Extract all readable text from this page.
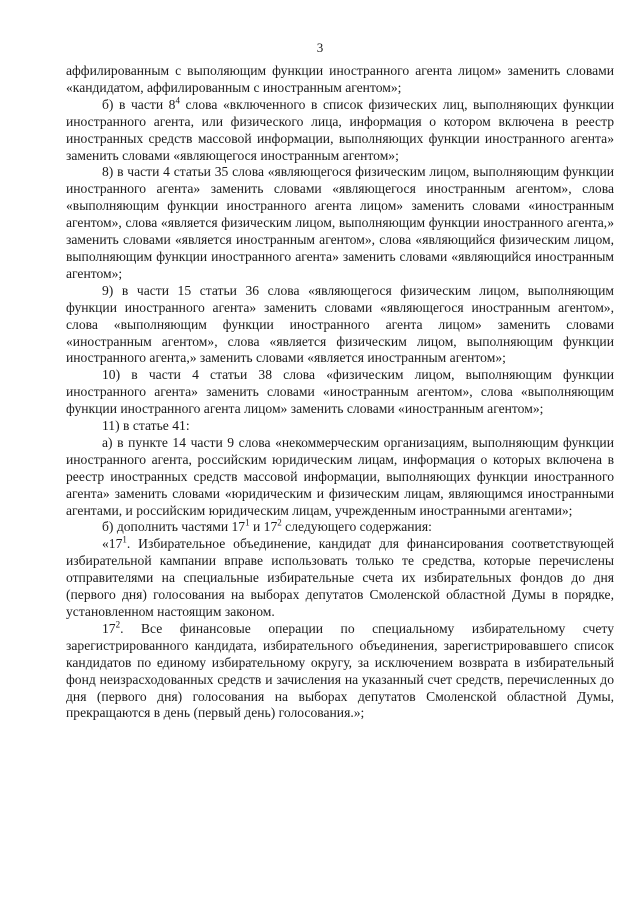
3

аффилированным с выполяющим функции иностранного агента лицом» заменить словами «кандидатом, аффилированным с иностранным агентом»;

б) в части $8^4$ слова «включенного в список физических лиц, выполняющих функции иностранного агента, или физического лица, информация о котором включена в реестр иностранных средств массовой информации, выполняющих функции иностранного агента» заменить словами «являющегося иностранным агентом»;

8) в части 4 статьи 35 слова «являющегося физическим лицом, выполняющим функции иностранного агента» заменить словами «являющегося иностранным агентом», слова «выполняющим функции иностранного агента лицом» заменить словами «иностранным агентом», слова «является физическим лицом, выполняющим функции иностранного агента,» заменить словами «является иностранным агентом», слова «являющийся физическим лицом, выполняющим функции иностранного агента» заменить словами «являющийся иностранным агентом»;

9) в части 15 статьи 36 слова «являющегося физическим лицом, выполняющим функции иностранного агента» заменить словами «являющегося иностранным агентом», слова «выполняющим функции иностранного агента лицом» заменить словами «иностранным агентом», слова «является физическим лицом, выполняющим функции иностранного агента,» заменить словами «является иностранным агентом»;

10) в части 4 статьи 38 слова «физическим лицом, выполняющим функции иностранного агента» заменить словами «иностранным агентом», слова «выполняющим функции иностранного агента лицом» заменить словами «иностранным агентом»;

11) в статье 41:

а) в пункте 14 части 9 слова «некоммерческим организациям, выполняющим функции иностранного агента, российским юридическим лицам, информация о которых включена в реестр иностранных средств массовой информации, выполняющих функции иностранного агента» заменить словами «юридическим и физическим лицам, являющимся иностранными агентами, и российским юридическим лицам, учрежденным иностранными агентами»;

б) дополнить частями $17^1$ и $17^2$ следующего содержания:

«$17^1$. Избирательное объединение, кандидат для финансирования соответствующей избирательной кампании вправе использовать только те средства, которые перечислены отправителями на специальные избирательные счета их избирательных фондов до дня (первого дня) голосования на выборах депутатов Смоленской областной Думы в порядке, установленном настоящим законом.

$17^2$. Все финансовые операции по специальному избирательному счету зарегистрированного кандидата, избирательного объединения, зарегистрировавшего список кандидатов по единому избирательному округу, за исключением возврата в избирательный фонд неизрасходованных средств и зачисления на указанный счет средств, перечисленных до дня (первого дня) голосования на выборах депутатов Смоленской областной Думы, прекращаются в день (первый день) голосования.»;
